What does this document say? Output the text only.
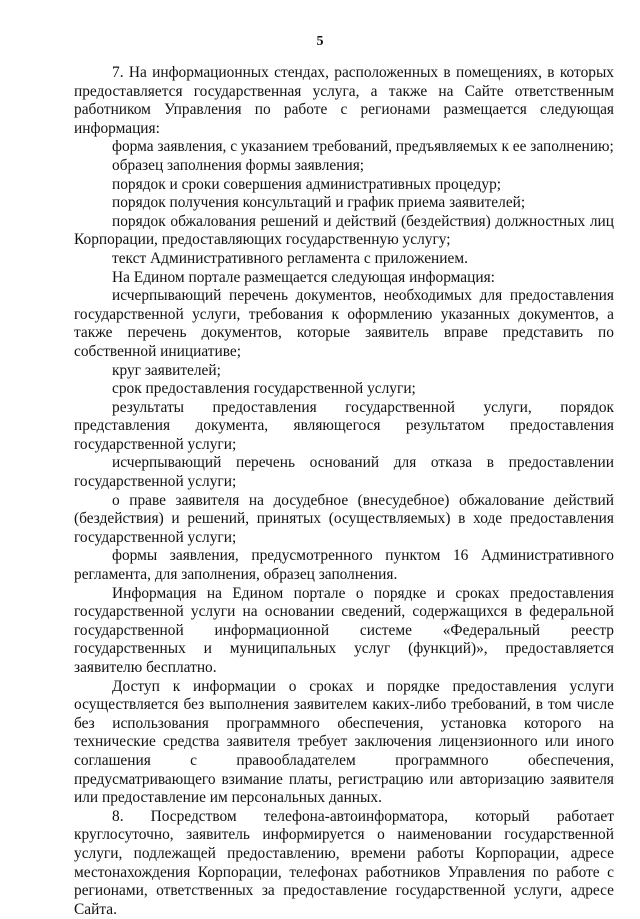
5

7. На информационных стендах, расположенных в помещениях, в которых предоставляется государственная услуга, а также на Сайте ответственным работником Управления по работе с регионами размещается следующая информация:

форма заявления, с указанием требований, предъявляемых к ее заполнению;

образец заполнения формы заявления;

порядок и сроки совершения административных процедур;

порядок получения консультаций и график приема заявителей;

порядок обжалования решений и действий (бездействия) должностных лиц Корпорации, предоставляющих государственную услугу;

текст Административного регламента с приложением.

На Едином портале размещается следующая информация:

исчерпывающий перечень документов, необходимых для предоставления государственной услуги, требования к оформлению указанных документов, а также перечень документов, которые заявитель вправе представить по собственной инициативе;

круг заявителей;

срок предоставления государственной услуги;

результаты предоставления государственной услуги, порядок представления документа, являющегося результатом предоставления государственной услуги;

исчерпывающий перечень оснований для отказа в предоставлении государственной услуги;

о праве заявителя на досудебное (внесудебное) обжалование действий (бездействия) и решений, принятых (осуществляемых) в ходе предоставления государственной услуги;

формы заявления, предусмотренного пунктом 16 Административного регламента, для заполнения, образец заполнения.

Информация на Едином портале о порядке и сроках предоставления государственной услуги на основании сведений, содержащихся в федеральной государственной информационной системе «Федеральный реестр государственных и муниципальных услуг (функций)», предоставляется заявителю бесплатно.

Доступ к информации о сроках и порядке предоставления услуги осуществляется без выполнения заявителем каких-либо требований, в том числе без использования программного обеспечения, установка которого на технические средства заявителя требует заключения лицензионного или иного соглашения с правообладателем программного обеспечения, предусматривающего взимание платы, регистрацию или авторизацию заявителя или предоставление им персональных данных.

8. Посредством телефона-автоинформатора, который работает круглосуточно, заявитель информируется о наименовании государственной услуги, подлежащей предоставлению, времени работы Корпорации, адресе местонахождения Корпорации, телефонах работников Управления по работе с регионами, ответственных за предоставление государственной услуги, адресе Сайта.
